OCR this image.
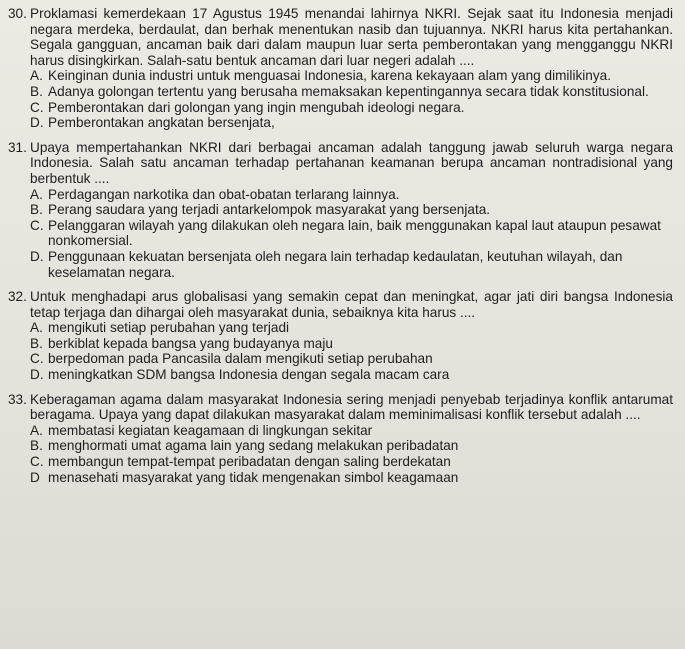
30. Proklamasi kemerdekaan 17 Agustus 1945 menandai lahirnya NKRI. Sejak saat itu Indonesia menjadi negara merdeka, berdaulat, dan berhak menentukan nasib dan tujuannya. NKRI harus kita pertahankan. Segala gangguan, ancaman baik dari dalam maupun luar serta pemberontakan yang mengganggu NKRI harus disingkirkan. Salah-satu bentuk ancaman dari luar negeri adalah ....

A. Keinginan dunia industri untuk menguasai Indonesia, karena kekayaan alam yang dimilikinya.
B. Adanya golongan tertentu yang berusaha memaksakan kepentingannya secara tidak konstitusional.
C. Pemberontakan dari golongan yang ingin mengubah ideologi negara.
D. Pemberontakan angkatan bersenjata,
31. Upaya mempertahankan NKRI dari berbagai ancaman adalah tanggung jawab seluruh warga negara Indonesia. Salah satu ancaman terhadap pertahanan keamanan berupa ancaman nontradisional yang berbentuk ....

A. Perdagangan narkotika dan obat-obatan terlarang lainnya.
B. Perang saudara yang terjadi antarkelompok masyarakat yang bersenjata.
C. Pelanggaran wilayah yang dilakukan oleh negara lain, baik menggunakan kapal laut ataupun pesawat nonkomersial.
D. Penggunaan kekuatan bersenjata oleh negara lain terhadap kedaulatan, keutuhan wilayah, dan keselamatan negara.
32. Untuk menghadapi arus globalisasi yang semakin cepat dan meningkat, agar jati diri bangsa Indonesia tetap terjaga dan dihargai oleh masyarakat dunia, sebaiknya kita harus ....

A. mengikuti setiap perubahan yang terjadi
B. berkiblat kepada bangsa yang budayanya maju
C. berpedoman pada Pancasila dalam mengikuti setiap perubahan
D. meningkatkan SDM bangsa Indonesia dengan segala macam cara
33. Keberagaman agama dalam masyarakat Indonesia sering menjadi penyebab terjadinya konflik antarumat beragama. Upaya yang dapat dilakukan masyarakat dalam meminimalisasi konflik tersebut adalah ....

A. membatasi kegiatan keagamaan di lingkungan sekitar
B. menghormati umat agama lain yang sedang melakukan peribadatan
C. membangun tempat-tempat peribadatan dengan saling berdekatan
D menasehati masyarakat yang tidak mengenakan simbol keagamaan
